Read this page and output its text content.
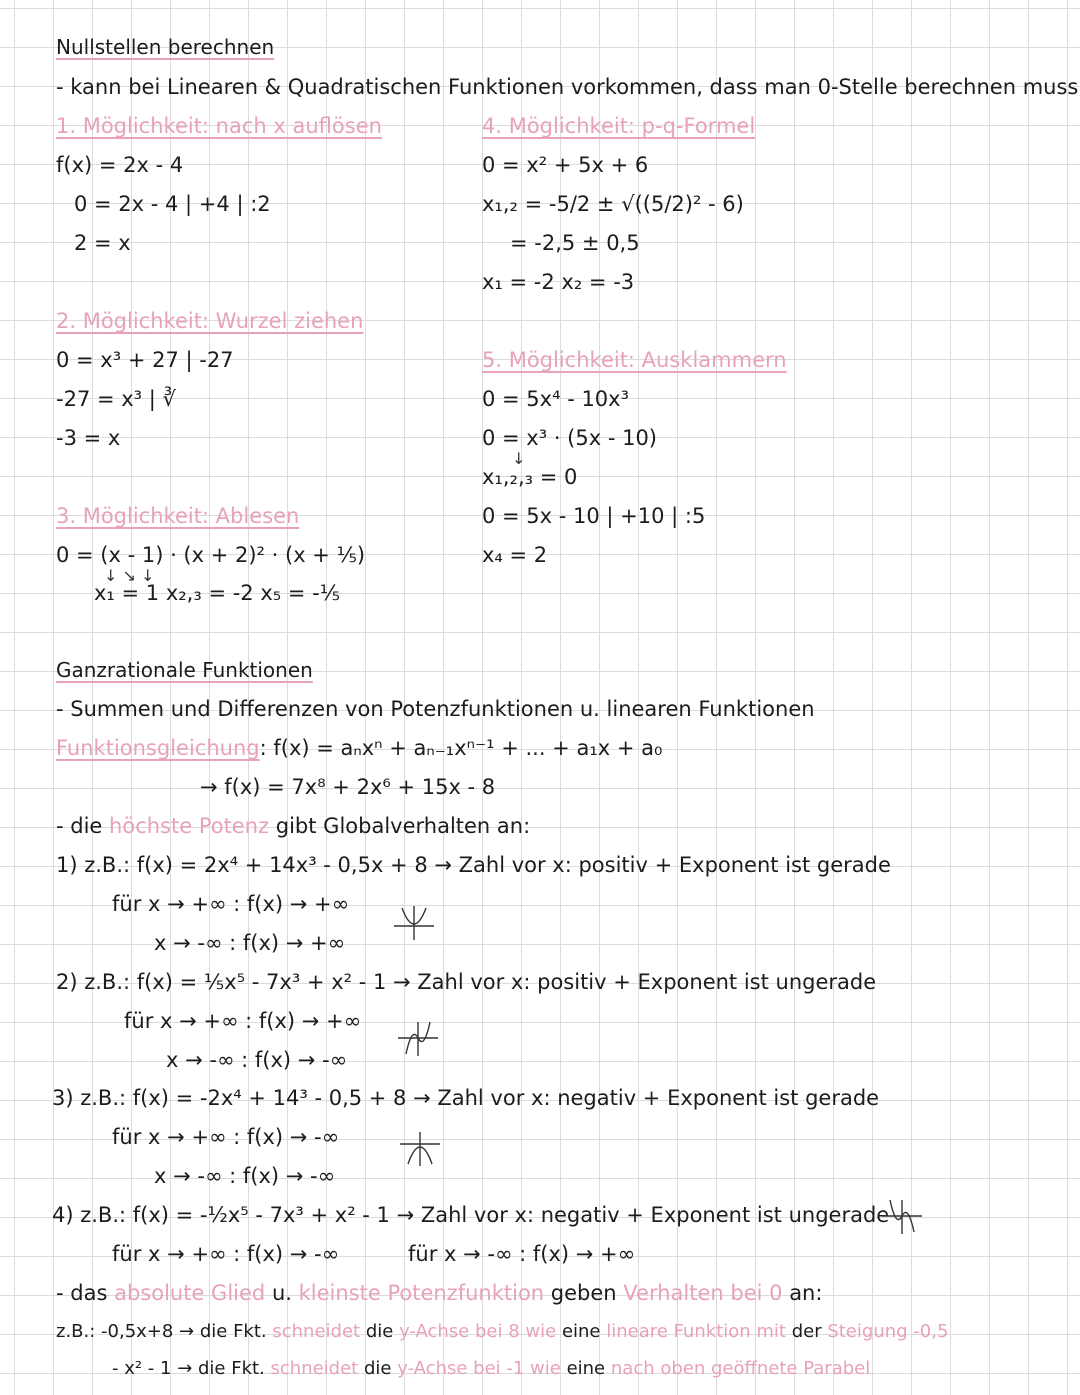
Nullstellen berechnen
- kann bei Linearen & Quadratischen Funktionen vorkommen, dass man 0-Stelle berechnen muss
1. Möglichkeit: nach x auflösen
f(x) = 2x - 4
0 = 2x - 4 | +4 | :2
2 = x
4. Möglichkeit: p-q-Formel
0 = x² + 5x + 6
x₁,₂ = -5/2 ± √((5/2)² - 6)
= -2,5 ± 0,5
x₁ = -2 x₂ = -3
2. Möglichkeit: Wurzel ziehen
0 = x³ + 27 | -27
-27 = x³ | ∛
-3 = x
5. Möglichkeit: Ausklammern
0 = 5x⁴ - 10x³
0 = x³ · (5x - 10)
↓
x₁,₂,₃ = 0
0 = 5x - 10 | +10 | :5
x₄ = 2
3. Möglichkeit: Ablesen
0 = (x - 1) · (x + 2)² · (x + ⅕)
↓ ↘ ↓
x₁ = 1 x₂,₃ = -2 x₅ = -⅕
Ganzrationale Funktionen
- Summen und Differenzen von Potenzfunktionen u. linearen Funktionen
Funktionsgleichung: f(x) = aₙxⁿ + aₙ₋₁xⁿ⁻¹ + ... + a₁x + a₀
→ f(x) = 7x⁸ + 2x⁶ + 15x - 8
- die höchste Potenz gibt Globalverhalten an:
1) z.B.: f(x) = 2x⁴ + 14x³ - 0,5x + 8 → Zahl vor x: positiv + Exponent ist gerade
für x → +∞ : f(x) → +∞
x → -∞ : f(x) → +∞
2) z.B.: f(x) = ⅕x⁵ - 7x³ + x² - 1 → Zahl vor x: positiv + Exponent ist ungerade
für x → +∞ : f(x) → +∞
x → -∞ : f(x) → -∞
3) z.B.: f(x) = -2x⁴ + 14³ - 0,5 + 8 → Zahl vor x: negativ + Exponent ist gerade
für x → +∞ : f(x) → -∞
x → -∞ : f(x) → -∞
4) z.B.: f(x) = -½x⁵ - 7x³ + x² - 1 → Zahl vor x: negativ + Exponent ist ungerade
für x → +∞ : f(x) → -∞	für x → -∞ : f(x) → +∞
- das absolute Glied u. kleinste Potenzfunktion geben Verhalten bei 0 an:
z.B.: -0,5x+8 → die Fkt. schneidet die y-Achse bei 8 wie eine lineare Funktion mit der Steigung -0,5
- x² - 1 → die Fkt. schneidet die y-Achse bei -1 wie eine nach oben geöffnete Parabel
